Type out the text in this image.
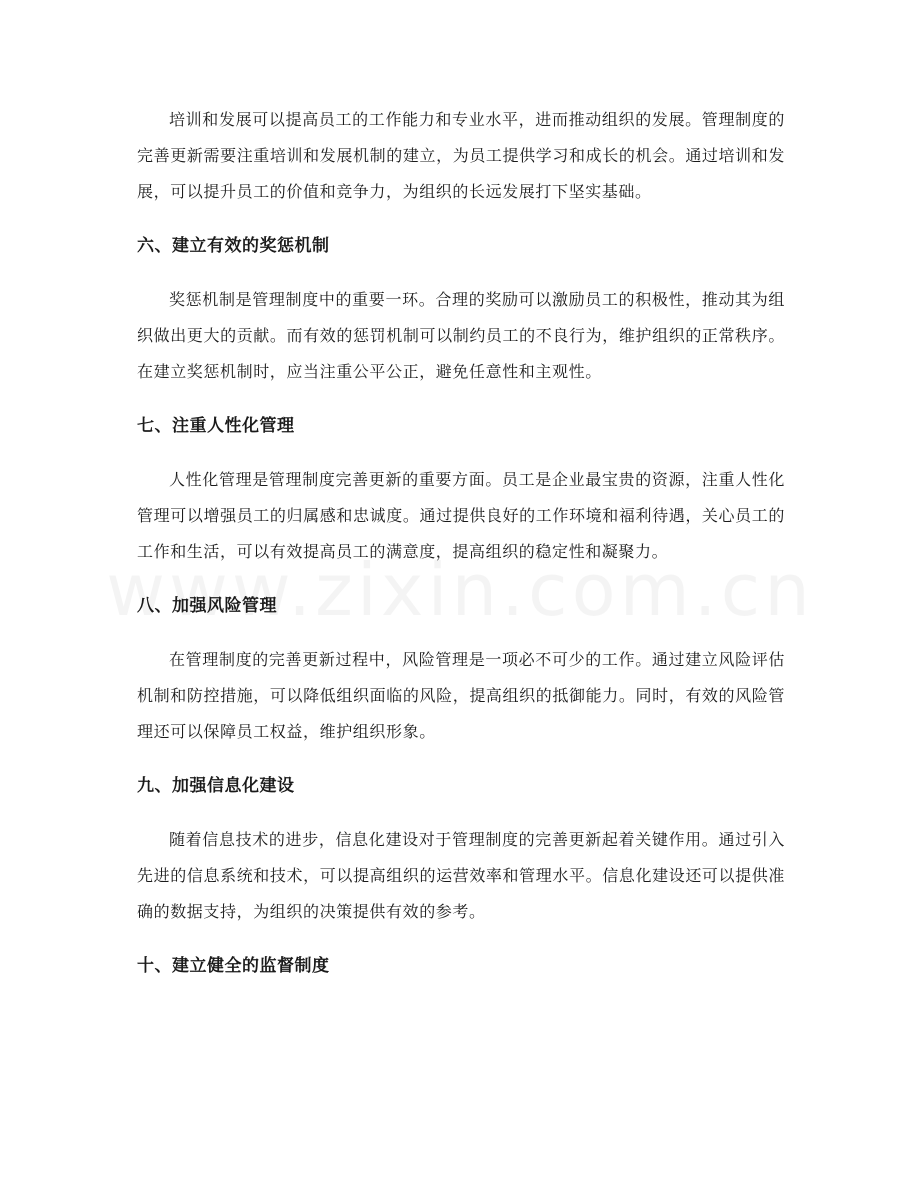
培训和发展可以提高员工的工作能力和专业水平，进而推动组织的发展。管理制度的完善更新需要注重培训和发展机制的建立，为员工提供学习和成长的机会。通过培训和发展，可以提升员工的价值和竞争力，为组织的长远发展打下坚实基础。

六、建立有效的奖惩机制

奖惩机制是管理制度中的重要一环。合理的奖励可以激励员工的积极性，推动其为组织做出更大的贡献。而有效的惩罚机制可以制约员工的不良行为，维护组织的正常秩序。在建立奖惩机制时，应当注重公平公正，避免任意性和主观性。

七、注重人性化管理

人性化管理是管理制度完善更新的重要方面。员工是企业最宝贵的资源，注重人性化管理可以增强员工的归属感和忠诚度。通过提供良好的工作环境和福利待遇，关心员工的工作和生活，可以有效提高员工的满意度，提高组织的稳定性和凝聚力。

八、加强风险管理

在管理制度的完善更新过程中，风险管理是一项必不可少的工作。通过建立风险评估机制和防控措施，可以降低组织面临的风险，提高组织的抵御能力。同时，有效的风险管理还可以保障员工权益，维护组织形象。

九、加强信息化建设

随着信息技术的进步，信息化建设对于管理制度的完善更新起着关键作用。通过引入先进的信息系统和技术，可以提高组织的运营效率和管理水平。信息化建设还可以提供准确的数据支持，为组织的决策提供有效的参考。

十、建立健全的监督制度
